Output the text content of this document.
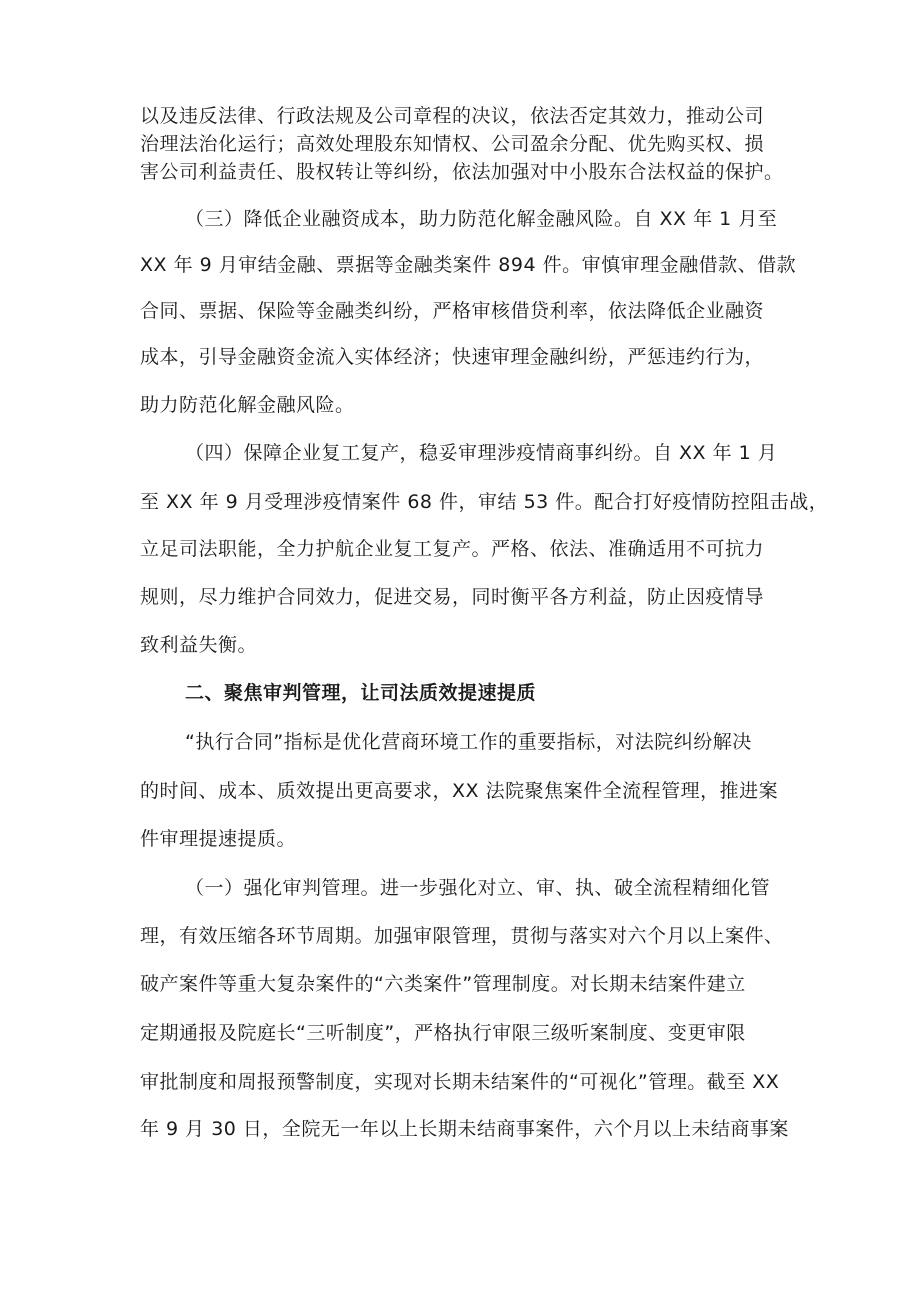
以及违反法律、行政法规及公司章程的决议，依法否定其效力，推动公司
治理法治化运行；高效处理股东知情权、公司盈余分配、优先购买权、损
害公司利益责任、股权转让等纠纷，依法加强对中小股东合法权益的保护。
（三）降低企业融资成本，助力防范化解金融风险。自 XX 年 1 月至
XX 年 9 月审结金融、票据等金融类案件 894 件。审慎审理金融借款、借款
合同、票据、保险等金融类纠纷，严格审核借贷利率，依法降低企业融资
成本，引导金融资金流入实体经济；快速审理金融纠纷，严惩违约行为，
助力防范化解金融风险。
（四）保障企业复工复产，稳妥审理涉疫情商事纠纷。自 XX 年 1 月
至 XX 年 9 月受理涉疫情案件 68 件，审结 53 件。配合打好疫情防控阻击战，
立足司法职能，全力护航企业复工复产。严格、依法、准确适用不可抗力
规则，尽力维护合同效力，促进交易，同时衡平各方利益，防止因疫情导
致利益失衡。
二、聚焦审判管理，让司法质效提速提质
“执行合同”指标是优化营商环境工作的重要指标，对法院纠纷解决
的时间、成本、质效提出更高要求，XX 法院聚焦案件全流程管理，推进案
件审理提速提质。
（一）强化审判管理。进一步强化对立、审、执、破全流程精细化管
理，有效压缩各环节周期。加强审限管理，贯彻与落实对六个月以上案件、
破产案件等重大复杂案件的“六类案件”管理制度。对长期未结案件建立
定期通报及院庭长“三听制度”，严格执行审限三级听案制度、变更审限
审批制度和周报预警制度，实现对长期未结案件的“可视化”管理。截至 XX
年 9 月 30 日，全院无一年以上长期未结商事案件，六个月以上未结商事案
